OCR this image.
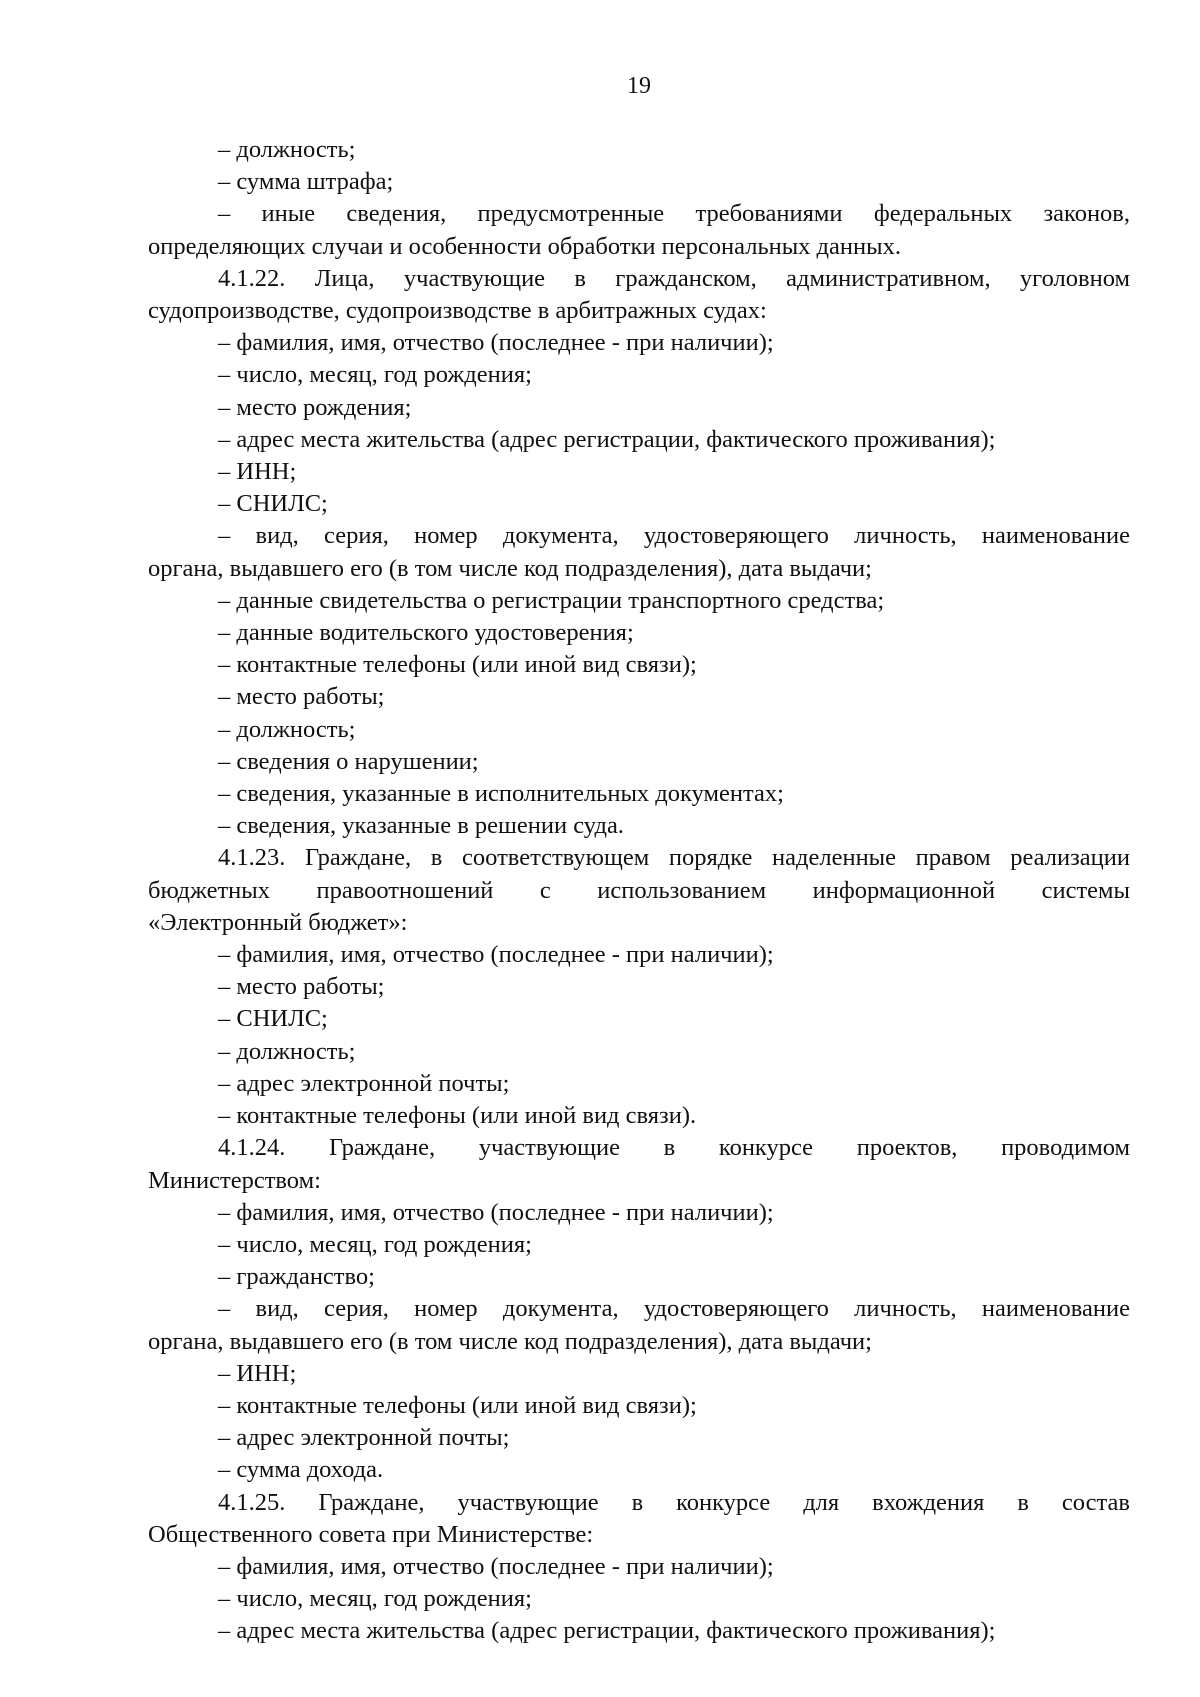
19
– должность;
– сумма штрафа;
– иные сведения, предусмотренные требованиями федеральных законов,
определяющих случаи и особенности обработки персональных данных.
4.1.22. Лица, участвующие в гражданском, административном, уголовном
судопроизводстве, судопроизводстве в арбитражных судах:
– фамилия, имя, отчество (последнее - при наличии);
– число, месяц, год рождения;
– место рождения;
– адрес места жительства (адрес регистрации, фактического проживания);
– ИНН;
– СНИЛС;
– вид, серия, номер документа, удостоверяющего личность, наименование
органа, выдавшего его (в том числе код подразделения), дата выдачи;
– данные свидетельства о регистрации транспортного средства;
– данные водительского удостоверения;
– контактные телефоны (или иной вид связи);
– место работы;
– должность;
– сведения о нарушении;
– сведения, указанные в исполнительных документах;
– сведения, указанные в решении суда.
4.1.23. Граждане, в соответствующем порядке наделенные правом реализации
бюджетных правоотношений с использованием информационной системы
«Электронный бюджет»:
– фамилия, имя, отчество (последнее - при наличии);
– место работы;
– СНИЛС;
– должность;
– адрес электронной почты;
– контактные телефоны (или иной вид связи).
4.1.24. Граждане, участвующие в конкурсе проектов, проводимом
Министерством:
– фамилия, имя, отчество (последнее - при наличии);
– число, месяц, год рождения;
– гражданство;
– вид, серия, номер документа, удостоверяющего личность, наименование
органа, выдавшего его (в том числе код подразделения), дата выдачи;
– ИНН;
– контактные телефоны (или иной вид связи);
– адрес электронной почты;
– сумма дохода.
4.1.25. Граждане, участвующие в конкурсе для вхождения в состав
Общественного совета при Министерстве:
– фамилия, имя, отчество (последнее - при наличии);
– число, месяц, год рождения;
– адрес места жительства (адрес регистрации, фактического проживания);
